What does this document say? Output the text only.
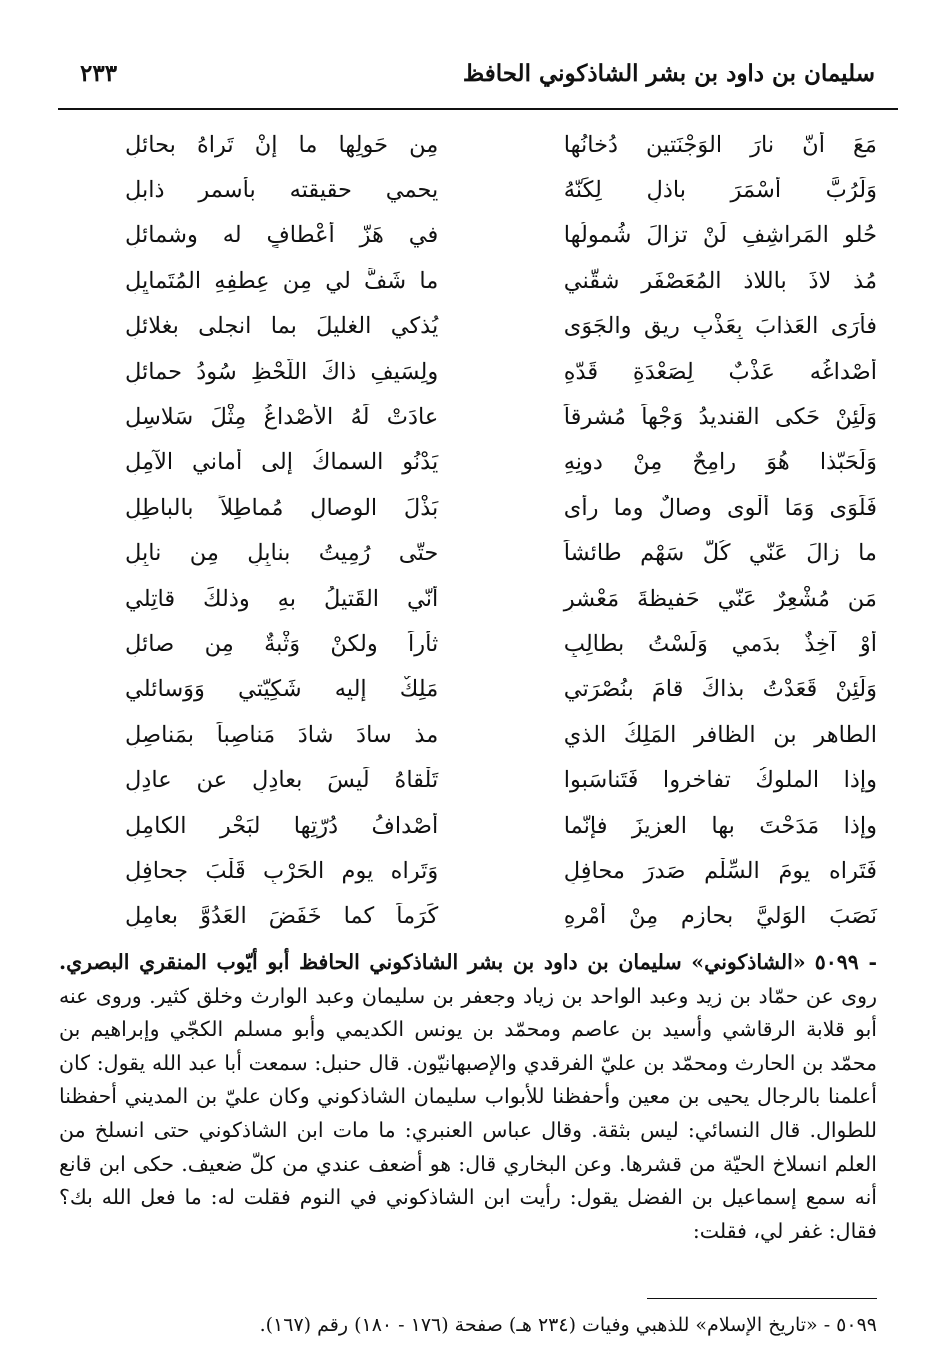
سليمان بن داود بن بشر الشاذكوني الحافظ
٢٣٣
مَعَ أنّ نارَ الوَجْنَتينِ دُخانُها
مِن حَولِها ما إنْ تَراهُ بحائلِ
وَلَرُبَّ أَسْمَرَ باذلٍ لِكَنّهُ
يحمي حقيقته بأسمر ذابلِ
حُلوِ المَراشِفِ لَنْ تزالَ شُمولُها
في هَزّ أعْطافٍ له وشمائلِ
مُذ لاذَ باللاذ المُعَصْفَرِ شقّني
ما شَفَّ لي مِن عِطفِهِ المُتَمايِلِ
فأرَى العَذابَ بِعَذْبِ ريقٍ والجَوَى
يُذكي الغليلَ بما انجلى بغلائلِ
أصْداغُه عَذْبٌ لِصَعْدَةِ قَدّهِ
ولِسَيفِ ذاكَ اللّحْظِ سُودُ حمائلِ
وَلَئِنْ حَكى القنديدُ وَجْهاً مُشرقاً
عادَتْ لَهُ الأصْداغُ مِثْلَ سَلاسِلِ
وَلَحَبّذا هُوَ رامِحٌ مِنْ دونِهِ
يَدْنُو السماكُ إلى أماني الآمِلِ
فَلَوَى وَمَا أَلْوى وِصالٌ وما رأى
بَذْلَ الوِصالِ مُماطِلاً بالباطِلِ
ما زالَ عَنّي كُلُّ سَهْمٍ طائشاً
حتّى رُمِيتُ بنابِلٍ مِن نابِلِ
مَن مُشْعِرٌ عَنّي حَفيظةَ مَعْشرٍ
أنّي القَتيلُ بهِ وذلكَ قاتِلي
أوْ آخِذٌ بدَمي وَلَسْتُ بطالِبٍ
ثأراً ولكنْ وَثْبةٌ مِن صائلِ
وَلَئِنْ قَعَدْتُ بذاكَ قامَ بنُصْرَتي
مَلِكٌ إليه شَكِيّتي وَوَسائلي
الطاهر بن الظافر المَلِكُ الذي
مذ سادَ شادَ مَناصِباً بمَناصِلِ
وإذا الملوكُ تفاخروا فَتَناسَبوا
تَلْقاهُ لَيسَ بعادِلٍ عن عادِلِ
وإذا مَدَحْتَ بها العزيزَ فإنّما
أصْدافُ دُرّتِها لبَحْرِ الكامِلِ
فَتَراه يومَ السِّلْمِ صَدرَ محافِلٍ
وَتَراه يوم الحَرْبِ قَلْبَ جحافِلِ
نَصَبَ الوَليَّ بحازِمٍ مِنْ أمْرِهِ
كَرَماً كما خَفَضَ العَدُوَّ بعامِلِ
٥٠٩٩ - «الشاذكوني» سليمان بن داود بن بشر الشاذكوني الحافظ أبو أيّوب المنقري البصري. روى عن حمّاد بن زيد وعبد الواحد بن زياد وجعفر بن سليمان وعبد الوارث وخلق كثير. وروى عنه أبو قلابة الرقاشي وأسيد بن عاصم ومحمّد بن يونس الكديمي وأبو مسلم الكجّي وإبراهيم بن محمّد بن الحارث ومحمّد بن عليّ الفرقدي والإصبهانيّون. قال حنبل: سمعت أبا عبد الله يقول: كان أعلمنا بالرجال يحيى بن معين وأحفظنا للأبواب سليمان الشاذكوني وكان عليّ بن المديني أحفظنا للطوال. قال النسائي: ليس بثقة. وقال عباس العنبري: ما مات ابن الشاذكوني حتى انسلخ من العلم انسلاخ الحيّة من قشرها. وعن البخاري قال: هو أضعف عندي من كلّ ضعيف. حكى ابن قانع أنه سمع إسماعيل بن الفضل يقول: رأيت ابن الشاذكوني في النوم فقلت له: ما فعل الله بك؟ فقال: غفر لي، فقلت:
٥٠٩٩ - «تاريخ الإسلام» للذهبي وفيات (٢٣٤ هـ) صفحة (١٧٦ - ١٨٠) رقم (١٦٧).
